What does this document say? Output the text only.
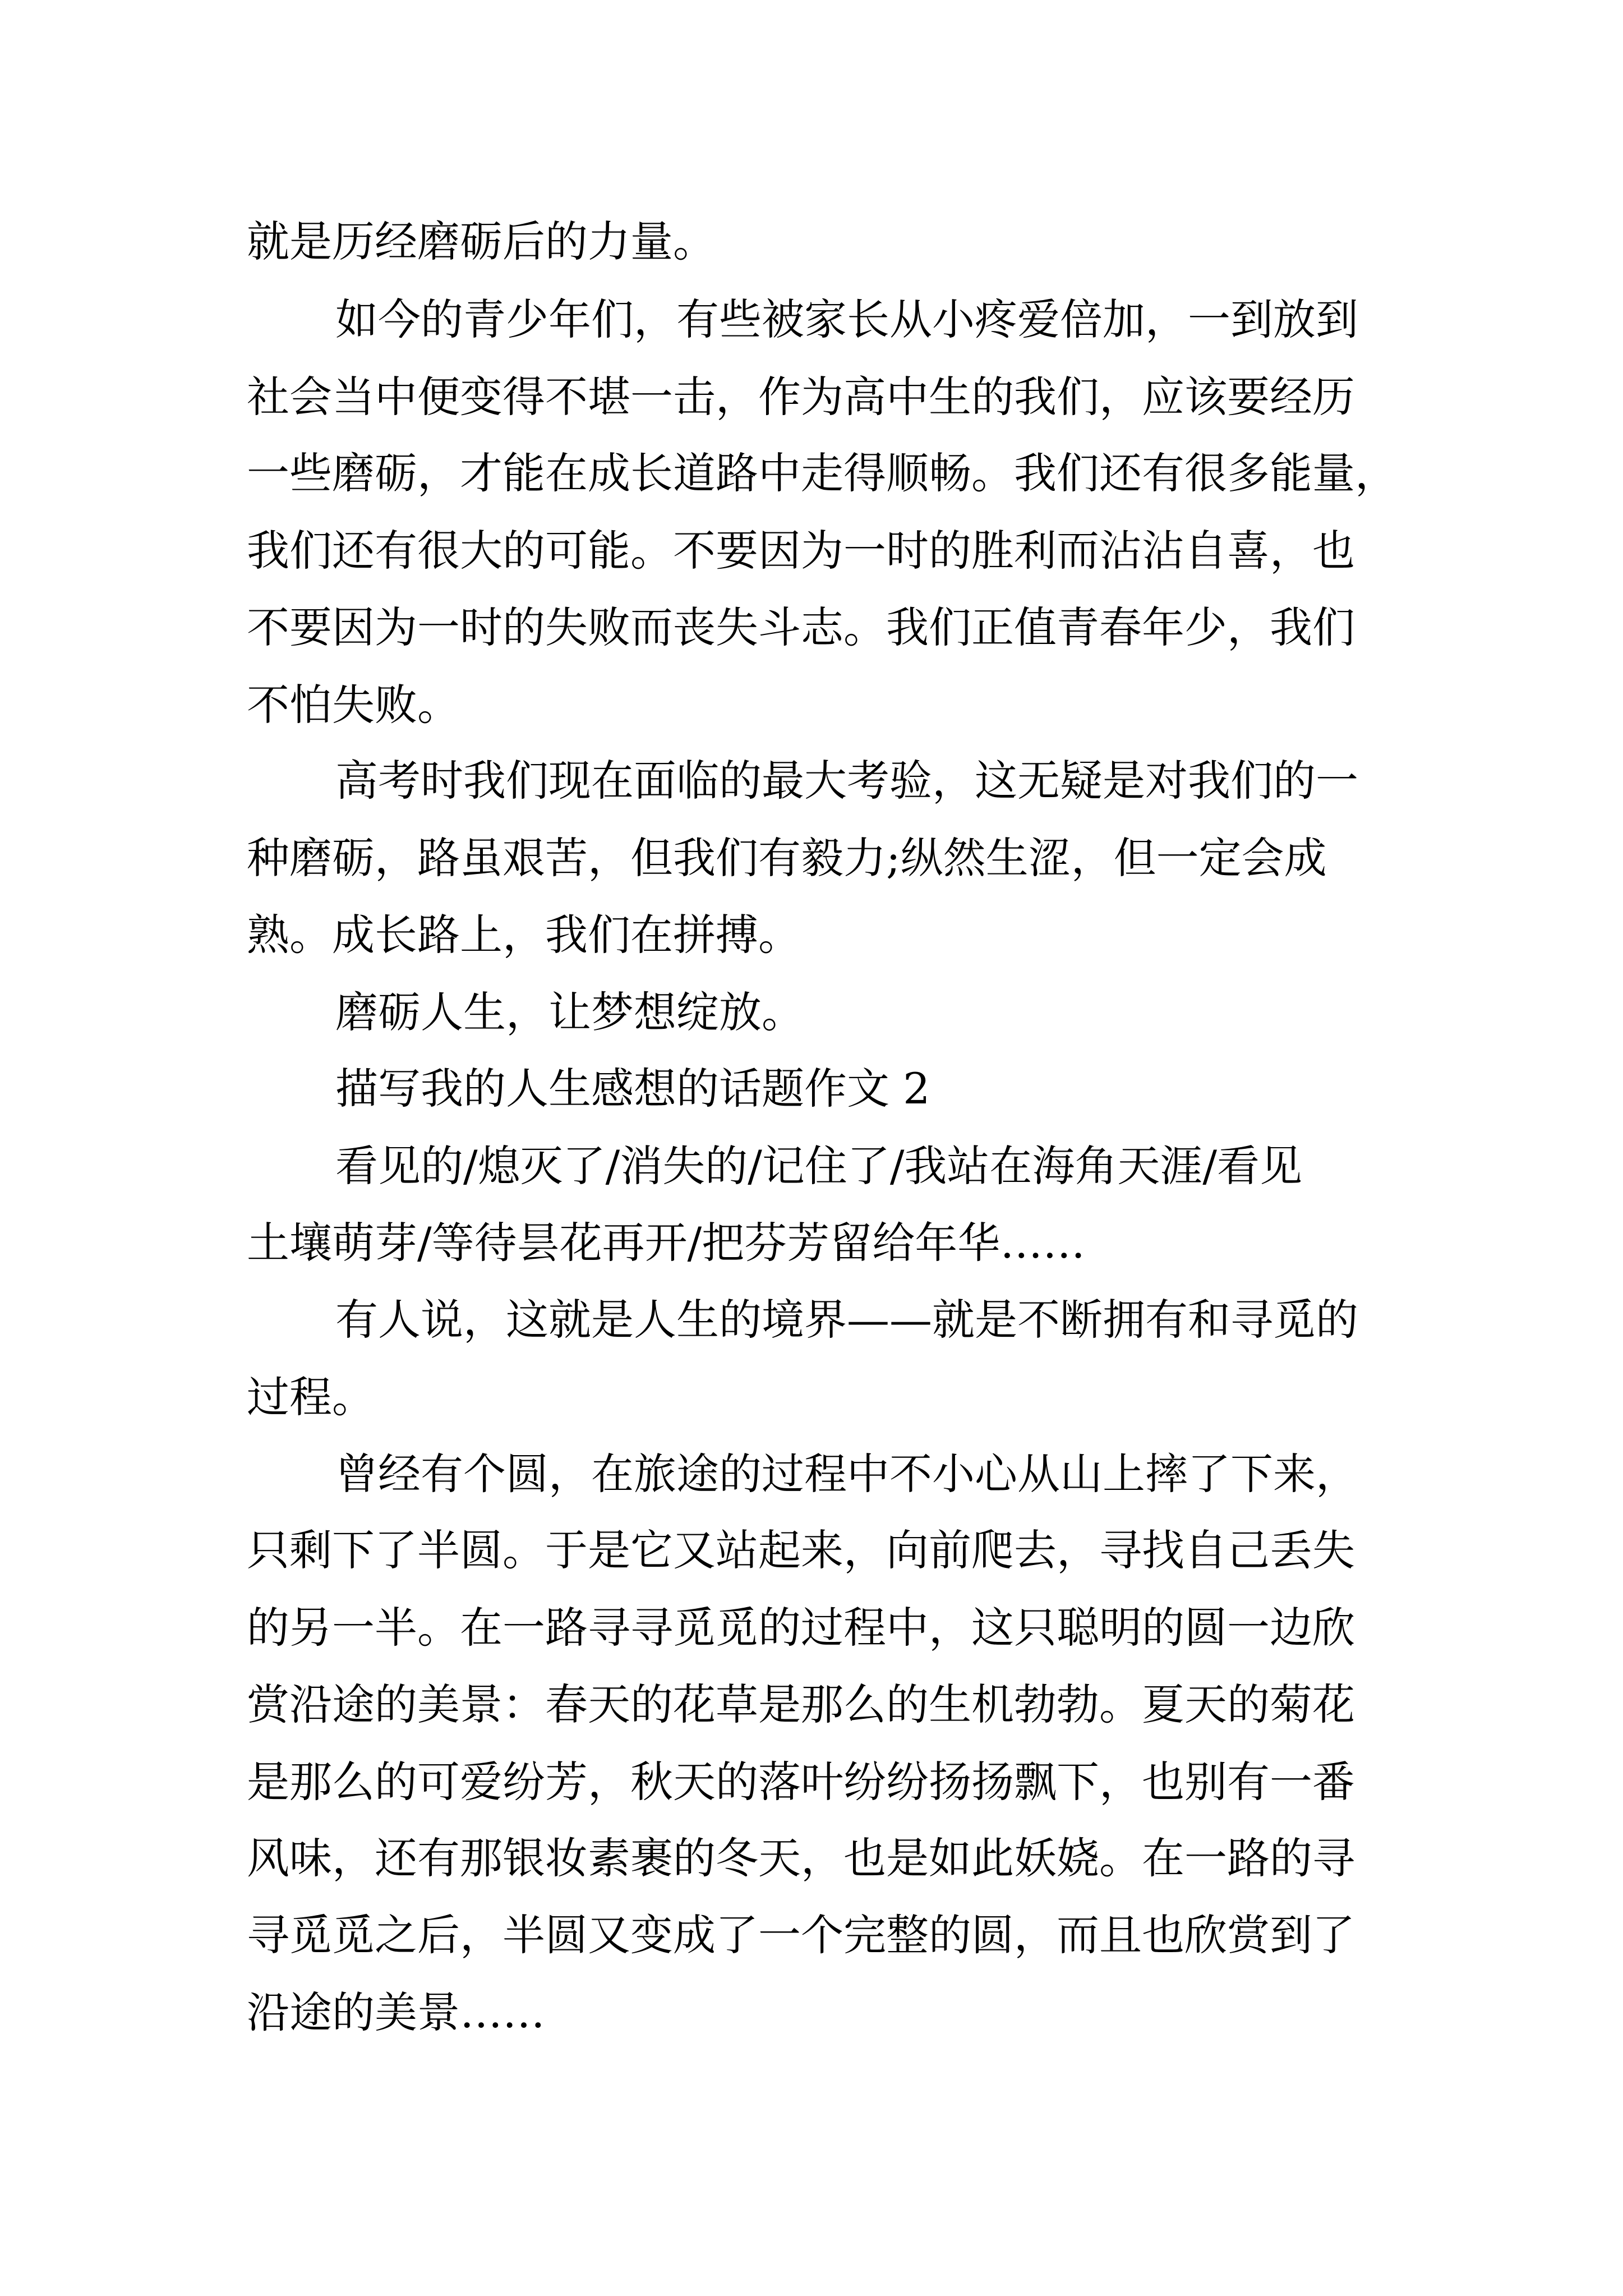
就是历经磨砺后的力量。
如今的青少年们，有些被家长从小疼爱倍加，一到放到
社会当中便变得不堪一击，作为高中生的我们，应该要经历
一些磨砺，才能在成长道路中走得顺畅。我们还有很多能量，
我们还有很大的可能。不要因为一时的胜利而沾沾自喜，也
不要因为一时的失败而丧失斗志。我们正值青春年少，我们
不怕失败。
高考时我们现在面临的最大考验，这无疑是对我们的一
种磨砺，路虽艰苦，但我们有毅力;纵然生涩，但一定会成
熟。成长路上，我们在拼搏。
磨砺人生，让梦想绽放。
描写我的人生感想的话题作文 2
看见的/熄灭了/消失的/记住了/我站在海角天涯/看见
土壤萌芽/等待昙花再开/把芬芳留给年华……
有人说，这就是人生的境界——就是不断拥有和寻觅的
过程。
曾经有个圆，在旅途的过程中不小心从山上摔了下来，
只剩下了半圆。于是它又站起来，向前爬去，寻找自己丢失
的另一半。在一路寻寻觅觅的过程中，这只聪明的圆一边欣
赏沿途的美景：春天的花草是那么的生机勃勃。夏天的菊花
是那么的可爱纷芳，秋天的落叶纷纷扬扬飘下，也别有一番
风味，还有那银妆素裹的冬天，也是如此妖娆。在一路的寻
寻觅觅之后，半圆又变成了一个完整的圆，而且也欣赏到了
沿途的美景……
